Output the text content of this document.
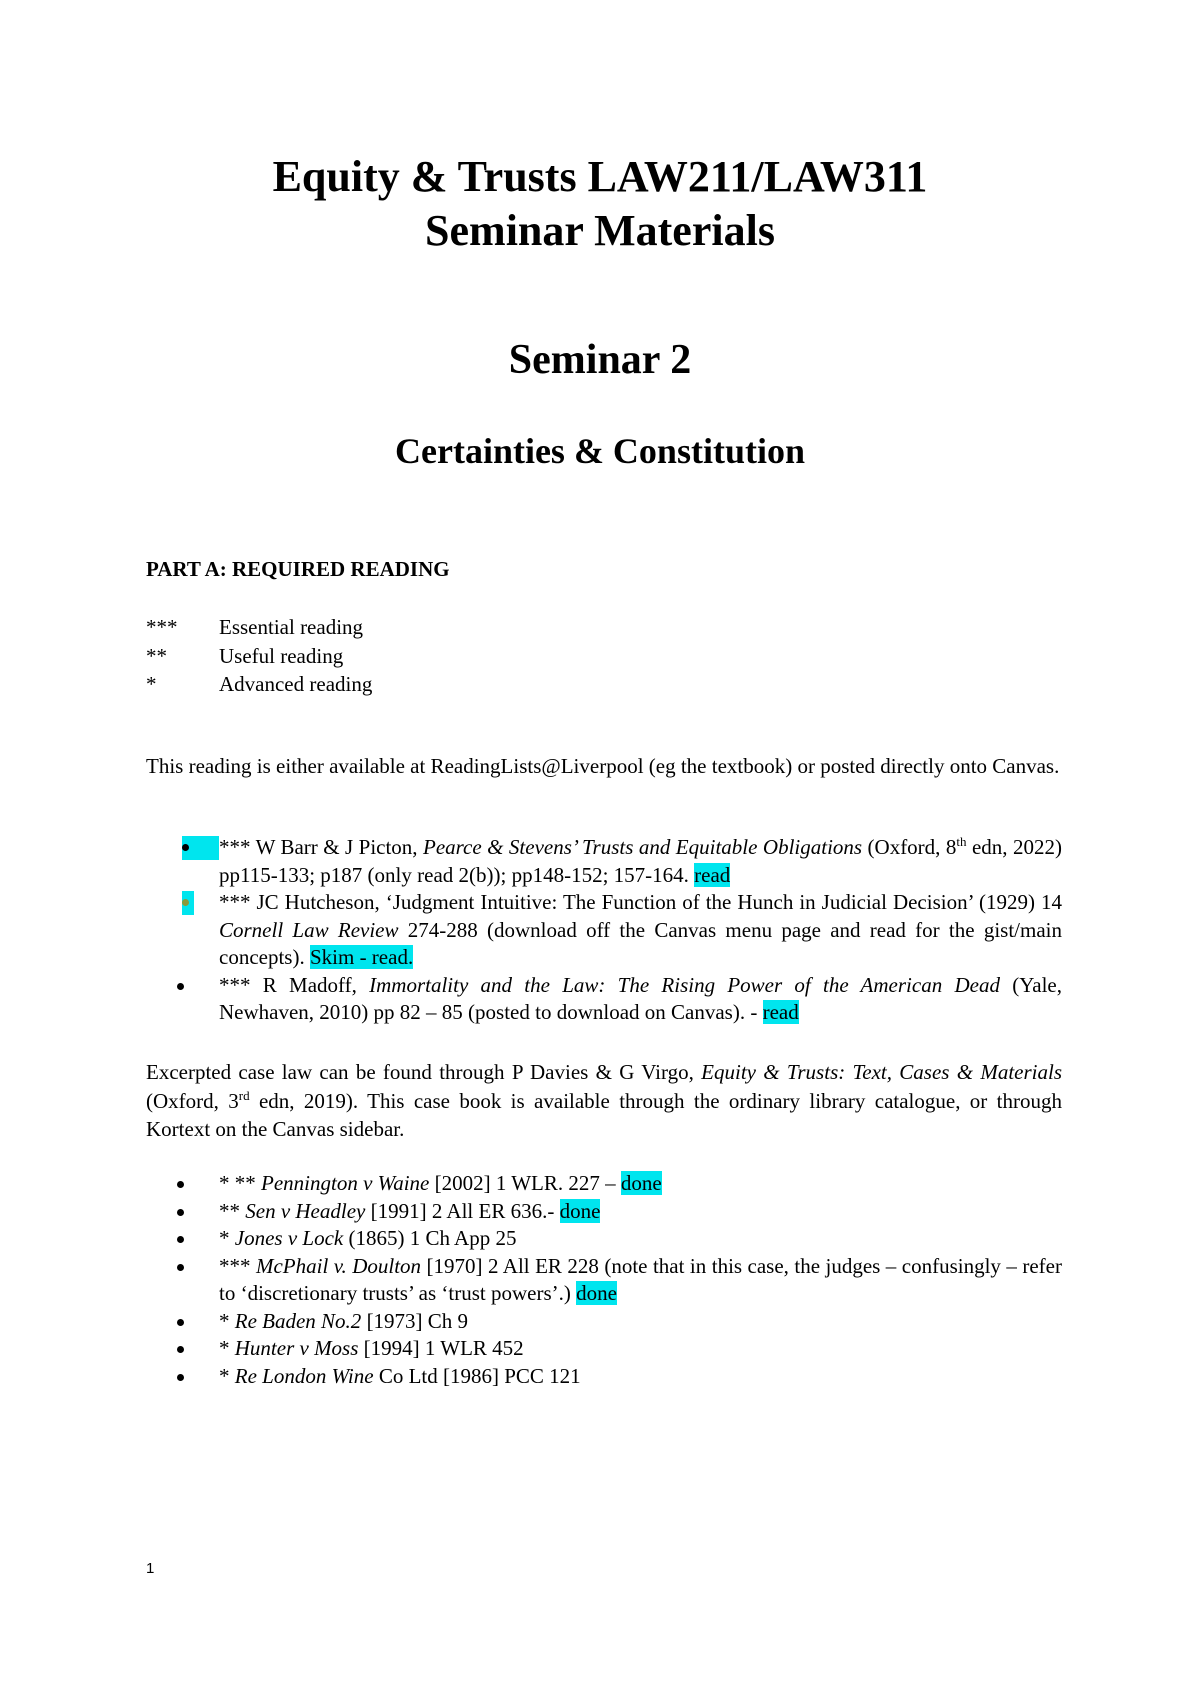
Equity & Trusts LAW211/LAW311
Seminar Materials
Seminar 2
Certainties & Constitution
PART A: REQUIRED READING
***	Essential reading
**	Useful reading
*	Advanced reading
This reading is either available at ReadingLists@Liverpool (eg the textbook) or posted directly onto Canvas.
*** W Barr & J Picton, Pearce & Stevens’ Trusts and Equitable Obligations (Oxford, 8th edn, 2022) pp115-133; p187 (only read 2(b)); pp148-152; 157-164. read
*** JC Hutcheson, ‘Judgment Intuitive: The Function of the Hunch in Judicial Decision’ (1929) 14 Cornell Law Review 274-288 (download off the Canvas menu page and read for the gist/main concepts). Skim - read.
*** R Madoff, Immortality and the Law: The Rising Power of the American Dead (Yale, Newhaven, 2010) pp 82 – 85 (posted to download on Canvas). - read
Excerpted case law can be found through P Davies & G Virgo, Equity & Trusts: Text, Cases & Materials (Oxford, 3rd edn, 2019). This case book is available through the ordinary library catalogue, or through Kortext on the Canvas sidebar.
* ** Pennington v Waine [2002] 1 WLR. 227 – done
** Sen v Headley [1991] 2 All ER 636.- done
* Jones v Lock (1865) 1 Ch App 25
*** McPhail v. Doulton [1970] 2 All ER 228 (note that in this case, the judges – confusingly – refer to ‘discretionary trusts’ as ‘trust powers’.) done
* Re Baden No.2 [1973] Ch 9
* Hunter v Moss [1994] 1 WLR 452
* Re London Wine Co Ltd [1986] PCC 121
1
